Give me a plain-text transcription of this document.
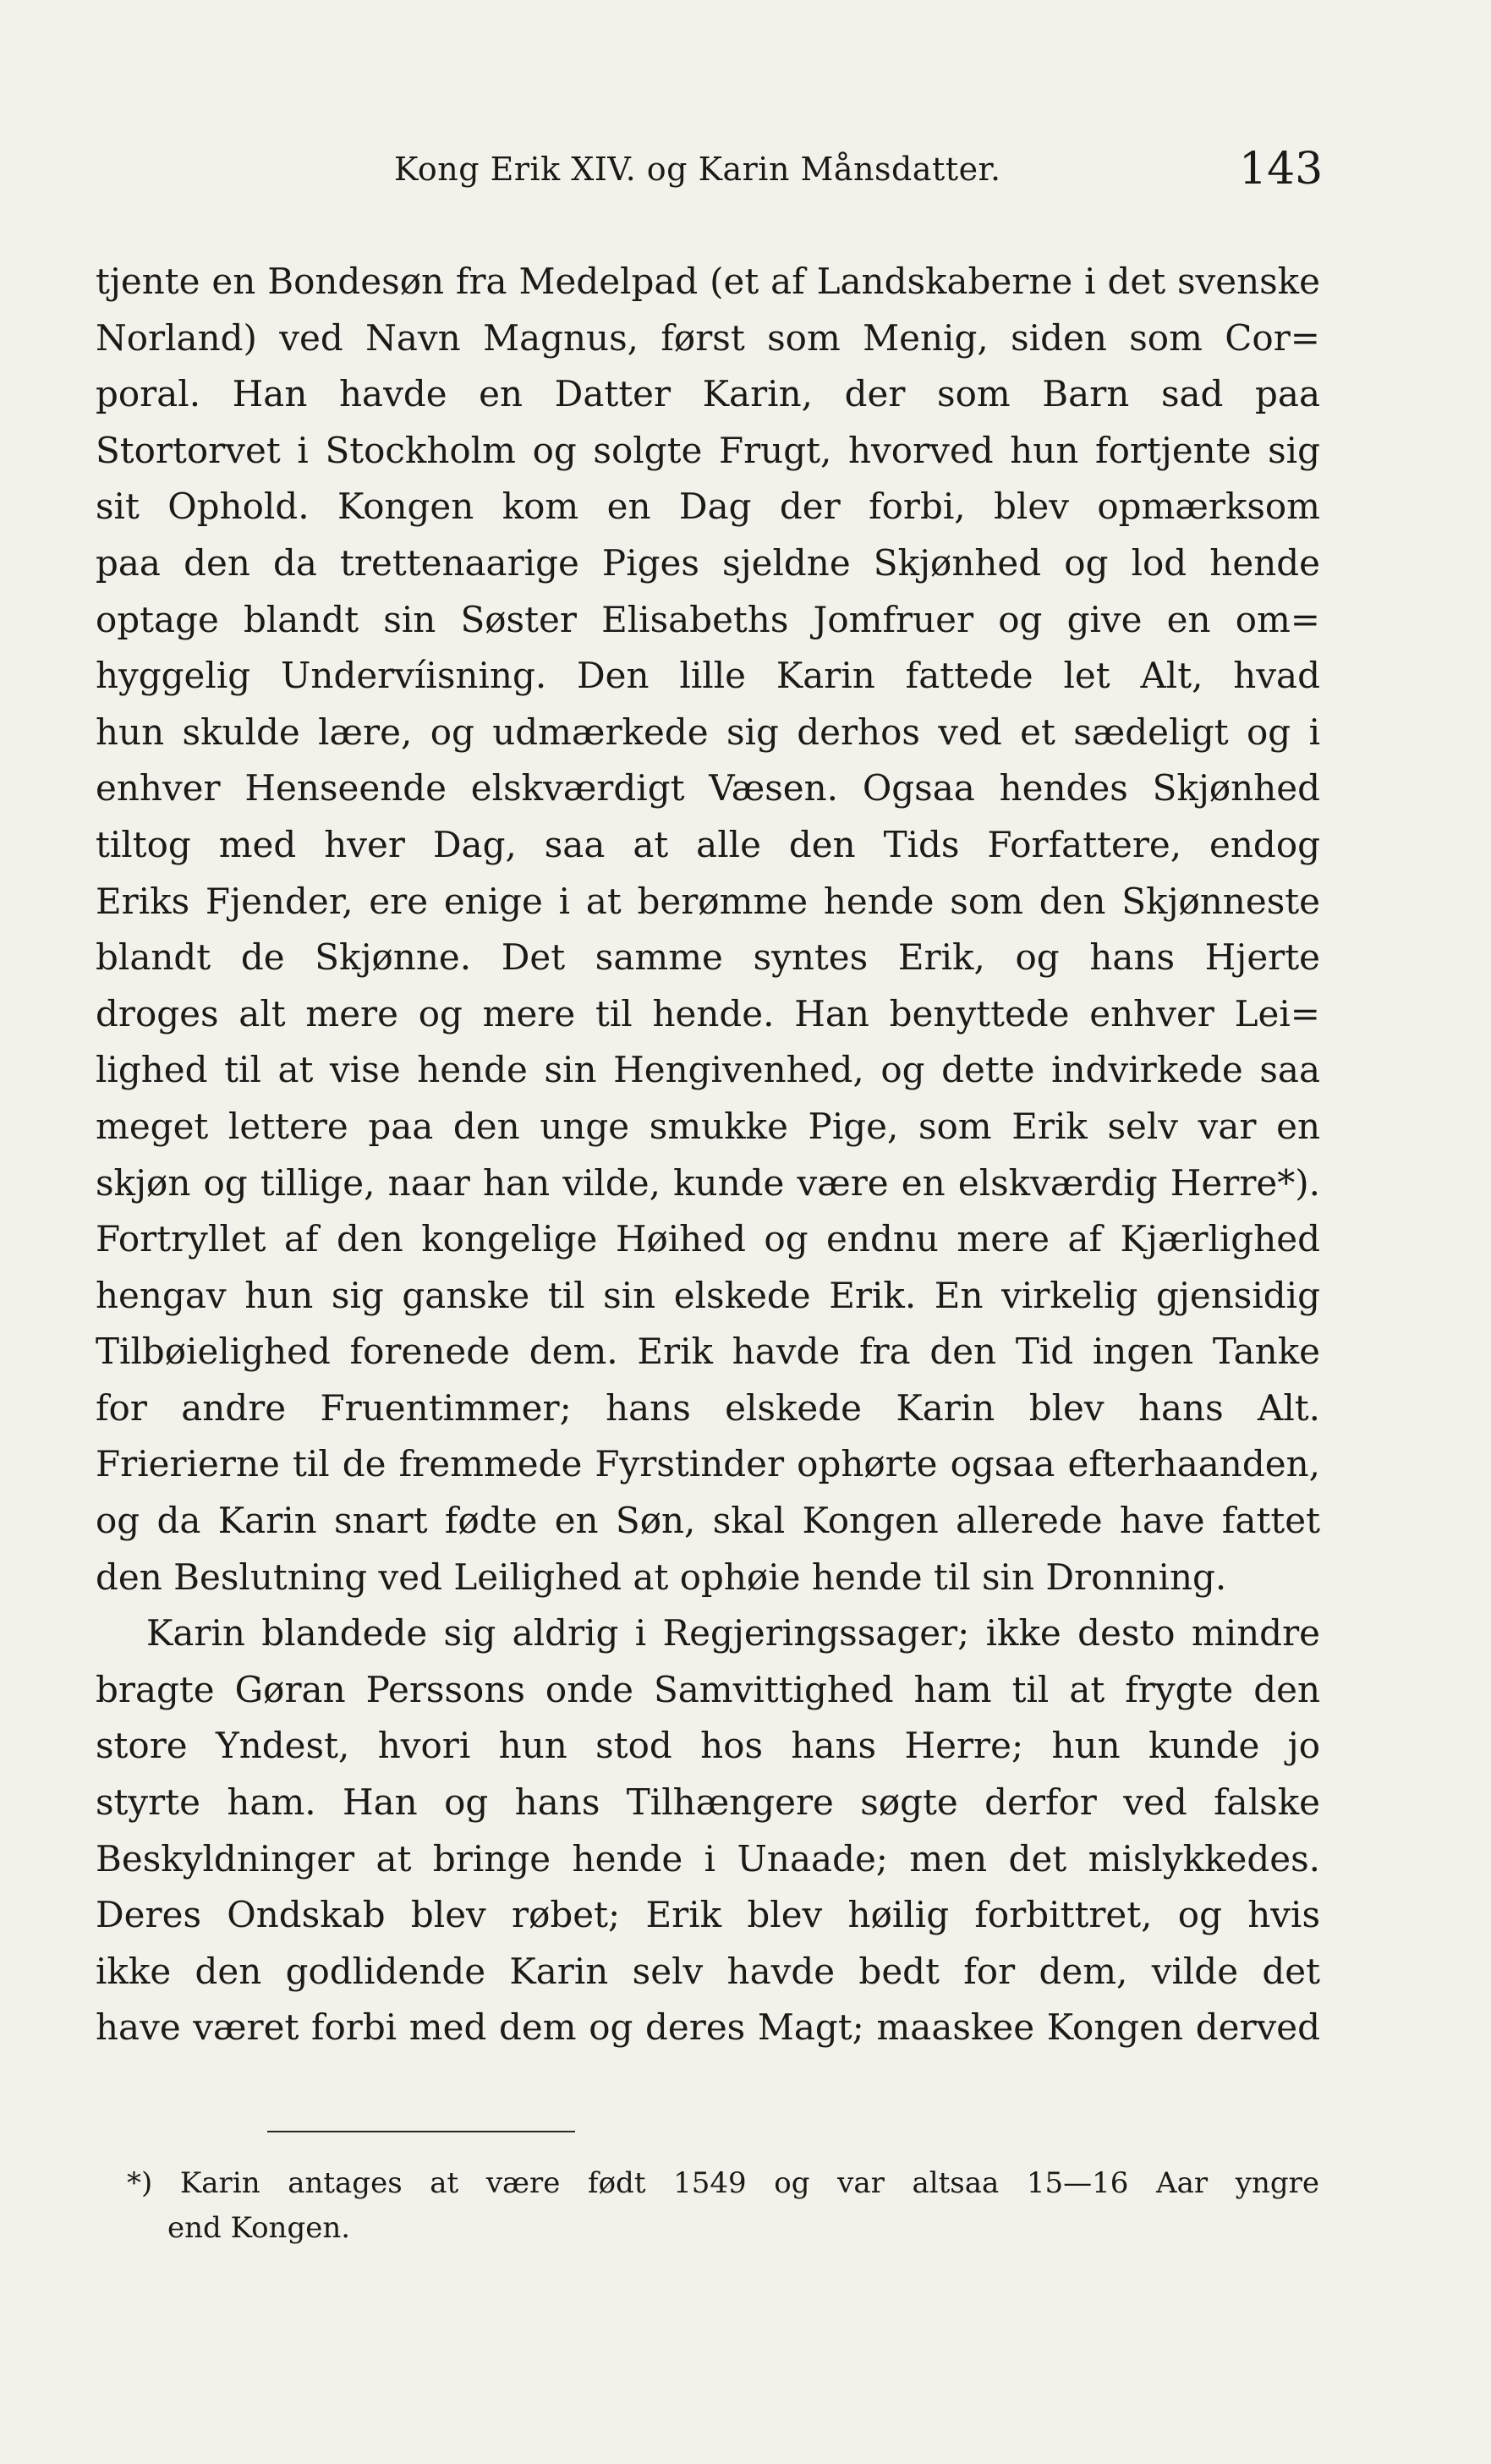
Kong Erik XIV. og Karin Månsdatter.	143
tjente en Bondesøn fra Medelpad (et af Landskaberne i det svenske
Norland) ved Navn Magnus, først som Menig, siden som Cor=
poral. Han havde en Datter Karin, der som Barn sad paa
Stortorvet i Stockholm og solgte Frugt, hvorved hun fortjente sig
sit Ophold. Kongen kom en Dag der forbi, blev opmærksom
paa den da trettenaarige Piges sjeldne Skjønhed og lod hende
optage blandt sin Søster Elisabeths Jomfruer og give en om=
hyggelig Undervíisning. Den lille Karin fattede let Alt, hvad
hun skulde lære, og udmærkede sig derhos ved et sædeligt og i
enhver Henseende elskværdigt Væsen. Ogsaa hendes Skjønhed
tiltog med hver Dag, saa at alle den Tids Forfattere, endog
Eriks Fjender, ere enige i at berømme hende som den Skjønneste
blandt de Skjønne. Det samme syntes Erik, og hans Hjerte
droges alt mere og mere til hende. Han benyttede enhver Lei=
lighed til at vise hende sin Hengivenhed, og dette indvirkede saa
meget lettere paa den unge smukke Pige, som Erik selv var en
skjøn og tillige, naar han vilde, kunde være en elskværdig Herre*).
Fortryllet af den kongelige Høihed og endnu mere af Kjærlighed
hengav hun sig ganske til sin elskede Erik. En virkelig gjensidig
Tilbøielighed forenede dem. Erik havde fra den Tid ingen Tanke
for andre Fruentimmer; hans elskede Karin blev hans Alt.
Frierierne til de fremmede Fyrstinder ophørte ogsaa efterhaanden,
og da Karin snart fødte en Søn, skal Kongen allerede have fattet
den Beslutning ved Leilighed at ophøie hende til sin Dronning.
Karin blandede sig aldrig i Regjeringssager; ikke desto mindre
bragte Gøran Perssons onde Samvittighed ham til at frygte den
store Yndest, hvori hun stod hos hans Herre; hun kunde jo
styrte ham. Han og hans Tilhængere søgte derfor ved falske
Beskyldninger at bringe hende i Unaade; men det mislykkedes.
Deres Ondskab blev røbet; Erik blev høilig forbittret, og hvis
ikke den godlidende Karin selv havde bedt for dem, vilde det
have været forbi med dem og deres Magt; maaskee Kongen derved
*) Karin antages at være født 1549 og var altsaa 15—16 Aar yngre
end Kongen.
